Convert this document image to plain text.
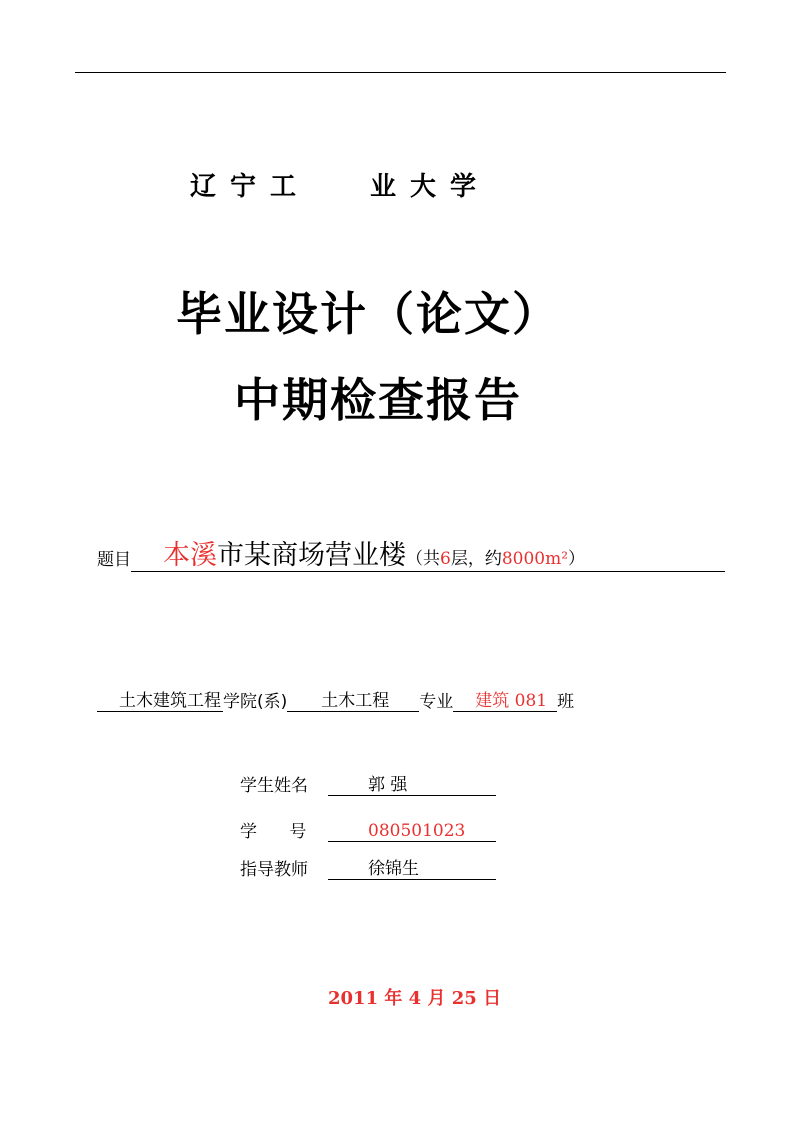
辽宁工 业大学
毕业设计（论文）
中期检查报告
题目 本溪 市某商场营业楼 （共 6 层，约 8000m² ）
土木建筑工程 学院(系)	土木工程	专业	建筑 081 班
学生姓名	郭 强
学      号	080501023
指导教师	徐锦生
2011 年 4 月 25 日
